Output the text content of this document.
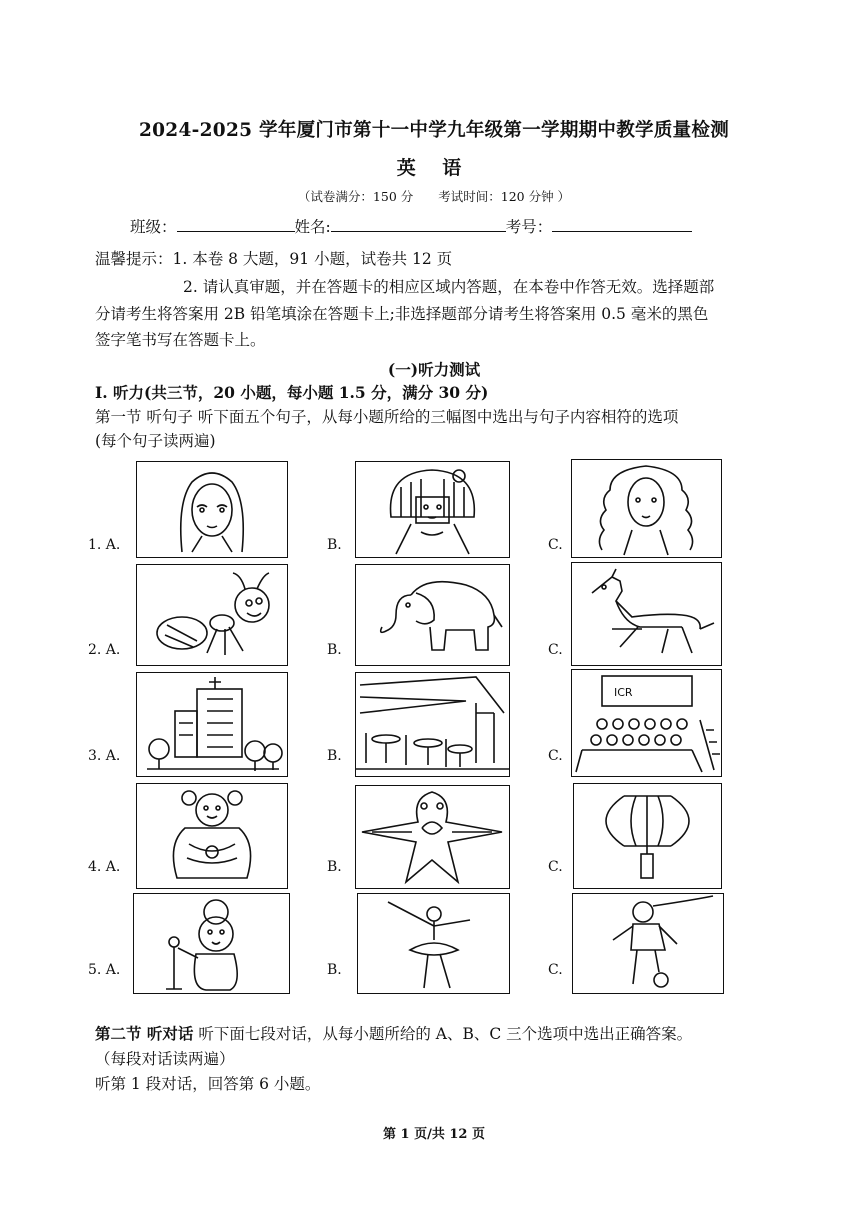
2024-2025 学年厦门市第十一中学九年级第一学期期中教学质量检测
英 语
（试卷满分：150 分　　考试时间：120 分钟 ）
班级：	姓名:	考号：
温馨提示：1. 本卷 8 大题，91 小题，试卷共 12 页
2. 请认真审题，并在答题卡的相应区域内答题，在本卷中作答无效。选择题部
分请考生将答案用 2B 铅笔填涂在答题卡上;非选择题部分请考生将答案用 0.5 毫米的黑色
签字笔书写在答题卡上。
(一)听力测试
I. 听力(共三节，20 小题，每小题 1.5 分，满分 30 分)
第一节 听句子 听下面五个句子，从每小题所给的三幅图中选出与句子内容相符的选项
(每个句子读两遍)
1. A.	B.	C.
2. A.	B.	C.
3. A.	B.	C.
ICR
4. A.	B.	C.
5. A.	B.	C.
第二节 听对话 听下面七段对话，从每小题所给的 A、B、C 三个选项中选出正确答案。
（每段对话读两遍）
听第 1 段对话，回答第 6 小题。
第 1 页/共 12 页
